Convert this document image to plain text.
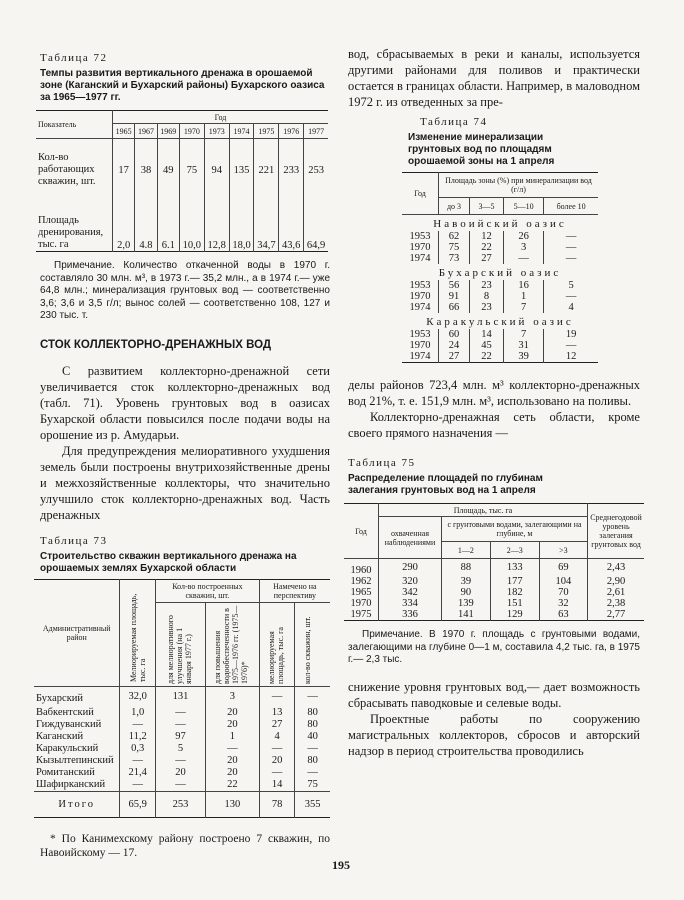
Таблица 72

Темпы развития вертикального дренажа в орошаемой зоне (Каганский и Бухарский районы) Бухарского оазиса за 1965—1977 гг.

Показатель	Год								
	1965	1967	1969	1970	1973	1974	1975	1976	1977
Кол-во работающих скважин, шт.	17	38	49	75	94	135	221	233	253
Площадь дренирования, тыс. га	2,0	4.8	6.1	10,0	12,8	18,0	34,7	43,6	64,9

Примечание. Количество откаченной воды в 1970 г. составляло 30 млн. м³, в 1973 г.— 35,2 млн., а в 1974 г.— уже 64,8 млн.; минерализация грунтовых вод — соответственно 3,6; 3,6 и 3,5 г/л; вынос солей — соответственно 108, 127 и 230 тыс. т.

СТОК КОЛЛЕКТОРНО-ДРЕНАЖНЫХ ВОД

С развитием коллекторно-дренажной сети увеличивается сток коллекторно-дренажных вод (табл. 71). Уровень грунтовых вод в оазисах Бухарской области повысился после подачи воды на орошение из р. Амударьи.

Для предупреждения мелиоративного ухудшения земель были построены внутрихозяйственные дрены и межхозяйственные коллекторы, что значительно улучшило сток коллекторно-дренажных вод. Часть дренажных

Таблица 73

Строительство скважин вертикального дренажа на орошаемых землях Бухарской области

Административный район	Мелиорируемая площадь, тыс. га	Кол-во построенных скважин, шт.		Намечено на перспективу	

		для мелиоративного улучшения (на 1 января 1977 г.)	для повышения водообеспеченности в 1975—1976 гг. (1975—1976)*	мелиорируемая площадь, тыс. га	кол-во скважин, шт.

Бухарский	32,0	131	3	—	—
Вабкентский	1,0	—	20	13	80
Гиждуванский	—	—	20	27	80
Каганский	11,2	97	1	4	40
Каракульский	0,3	5	—	—	—
Кызылтепинский	—	—	20	20	80
Ромитанский	21,4	20	20	—	—
Шафирканский	—	—	22	14	75
Итого	65,9	253	130	78	355

* По Канимехскому району построено 7 скважин, по Навоийскому — 17.

вод, сбрасываемых в реки и каналы, используется другими районами для поливов и практически остается в границах области. Например, в маловодном 1972 г. из отведенных за пре-

Таблица 74

Изменение минерализации грунтовых вод по площадям орошаемой зоны на 1 апреля

Год	Площадь зоны (%) при минерализации вод (г/л)			
	до 3	3—5	5—10	более 10
Навоийский оазис				
1953	62	12	26	—
1970	75	22	3	—
1974	73	27	—	—
Бухарский оазис				
1953	56	23	16	5
1970	91	8	1	—
1974	66	23	7	4
Каракульский оазис				
1953	60	14	7	19
1970	24	45	31	—
1974	27	22	39	12

делы районов 723,4 млн. м³ коллекторно-дренажных вод 21%, т. е. 151,9 млн. м³, использовано на поливы.

Коллекторно-дренажная сеть области, кроме своего прямого назначения —

Таблица 75

Распределение площадей по глубинам залегания грунтовых вод на 1 апреля

Год	Площадь, тыс. га				Среднегодовой уровень залегания грунтовых вод
	охваченная наблюдениями	с грунтовыми водами, залегающими на глубине, м			
		1—2	2—3	>3	
1960	290	88	133	69	2,43
1962	320	39	177	104	2,90
1965	342	90	182	70	2,61
1970	334	139	151	32	2,38
1975	336	141	129	63	2,77

Примечание. В 1970 г. площадь с грунтовыми водами, залегающими на глубине 0—1 м, составила 4,2 тыс. га, в 1975 г.— 2,3 тыс.

снижение уровня грунтовых вод,— дает возможность сбрасывать паводковые и селевые воды.

Проектные работы по сооружению магистральных коллекторов, сбросов и авторский надзор в период строительства проводились

195
